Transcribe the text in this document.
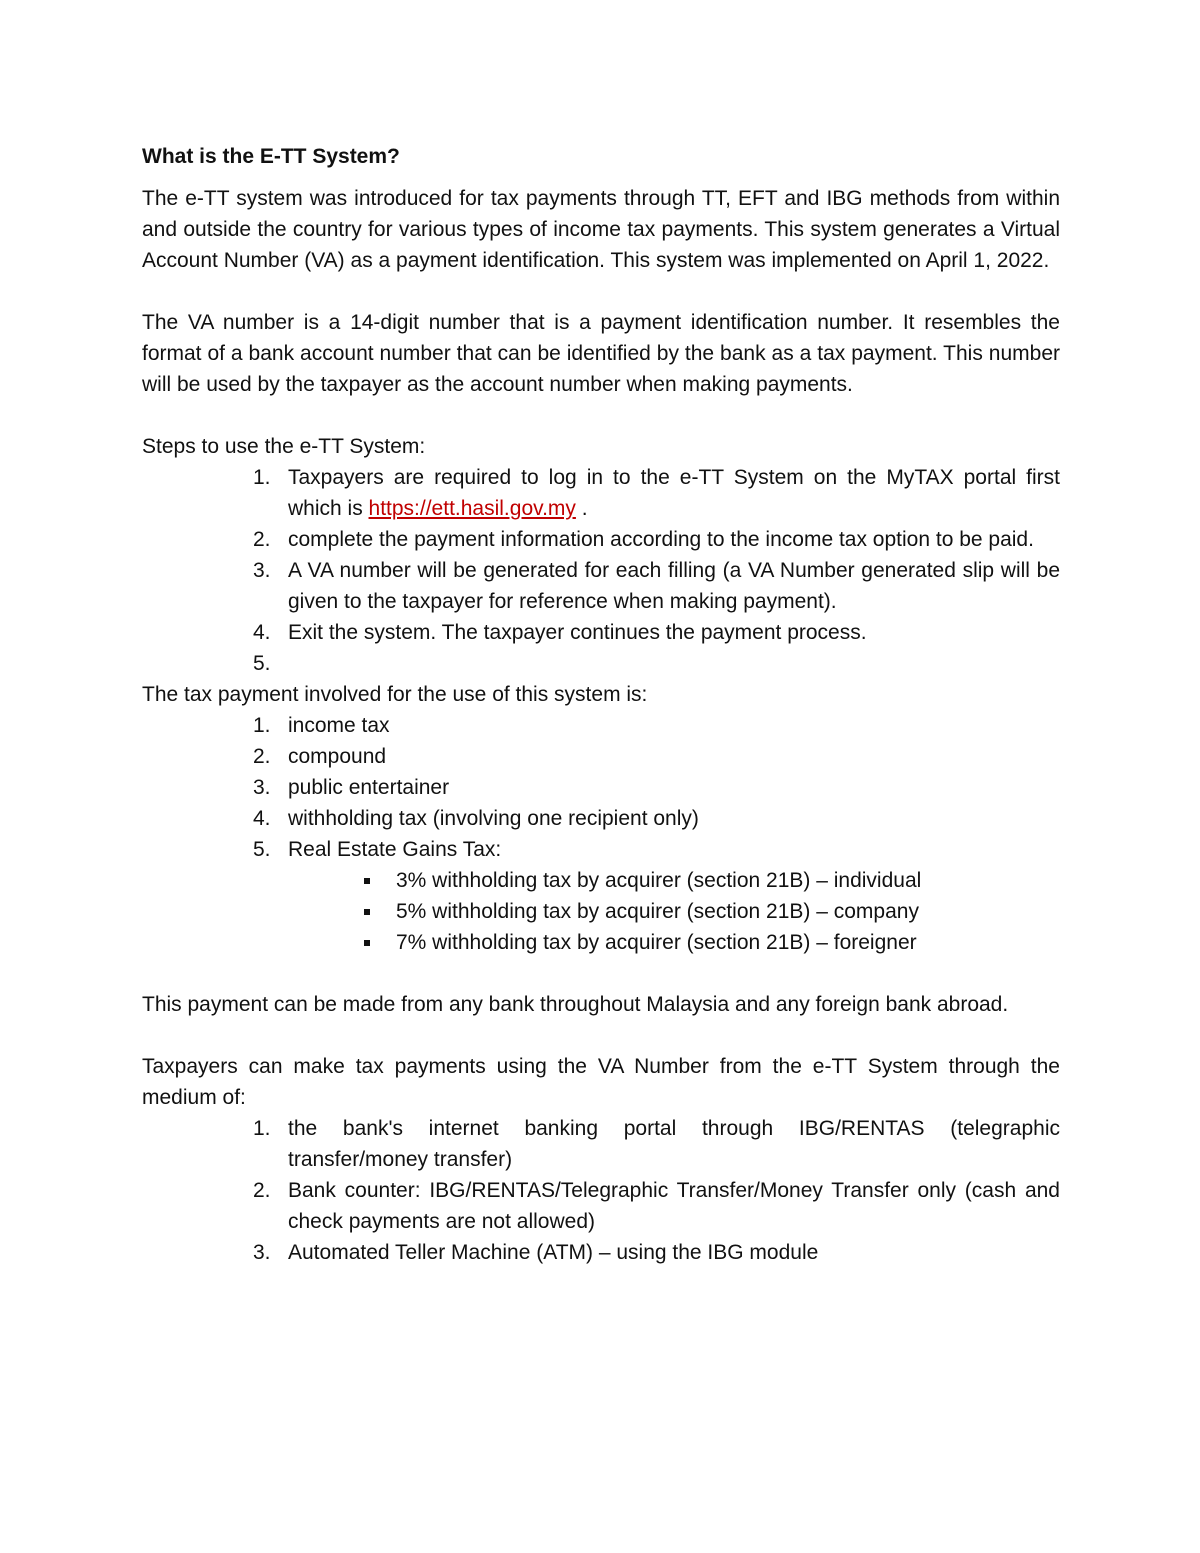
What is the E-TT System?

The e-TT system was introduced for tax payments through TT, EFT and IBG methods from within and outside the country for various types of income tax payments. This system generates a Virtual Account Number (VA) as a payment identification. This system was implemented on April 1, 2022.

The VA number is a 14-digit number that is a payment identification number. It resembles the format of a bank account number that can be identified by the bank as a tax payment. This number will be used by the taxpayer as the account number when making payments.

Steps to use the e-TT System:

1. Taxpayers are required to log in to the e-TT System on the MyTAX portal first which is https://ett.hasil.gov.my .
2. complete the payment information according to the income tax option to be paid.
3. A VA number will be generated for each filling (a VA Number generated slip will be given to the taxpayer for reference when making payment).
4. Exit the system. The taxpayer continues the payment process.
5.

The tax payment involved for the use of this system is:

1. income tax
2. compound
3. public entertainer
4. withholding tax (involving one recipient only)
5. Real Estate Gains Tax:
3% withholding tax by acquirer (section 21B) – individual
5% withholding tax by acquirer (section 21B) – company
7% withholding tax by acquirer (section 21B) – foreigner

This payment can be made from any bank throughout Malaysia and any foreign bank abroad.

Taxpayers can make tax payments using the VA Number from the e-TT System through the medium of:

1. the bank's internet banking portal through IBG/RENTAS (telegraphic transfer/money transfer)
2. Bank counter: IBG/RENTAS/Telegraphic Transfer/Money Transfer only (cash and check payments are not allowed)
3. Automated Teller Machine (ATM) – using the IBG module
